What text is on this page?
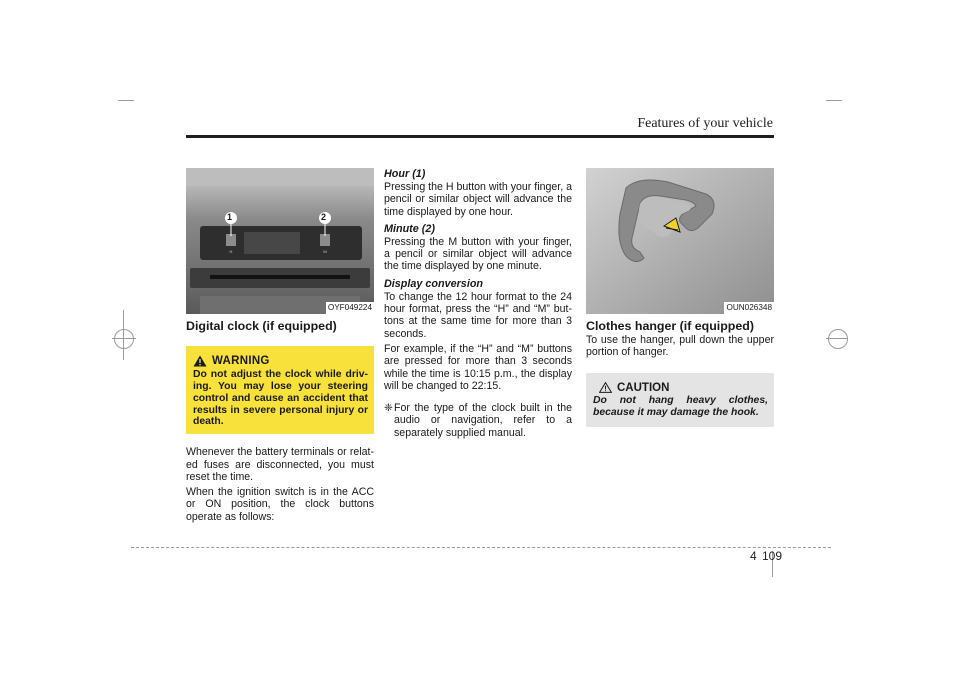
Features of your vehicle
H	M
1	2
OYF049224
Digital clock (if equipped)
WARNING
Do not adjust the clock while driv-ing. You may lose your steering control and cause an accident that results in severe personal injury or death.

Whenever the battery terminals or relat-ed fuses are disconnected, you must reset the time.

When the ignition switch is in the ACC or ON position, the clock buttons operate as follows:

Hour (1)

Pressing the H button with your finger, a pencil or similar object will advance the time displayed by one hour.

Minute (2)

Pressing the M button with your finger, a pencil or similar object will advance the time displayed by one minute.

Display conversion

To change the 12 hour format to the 24 hour format, press the “H” and “M” but-tons at the same time for more than 3 seconds.

For example, if the “H” and “M” buttons are pressed for more than 3 seconds while the time is 10:15 p.m., the display will be changed to 22:15.

❈For the type of the clock built in the audio or navigation, refer to a separately supplied manual.

OUN026348
Clothes hanger (if equipped)

To use the hanger, pull down the upper portion of hanger.

CAUTION
Do not hang heavy clothes, because it may damage the hook.
4 109
